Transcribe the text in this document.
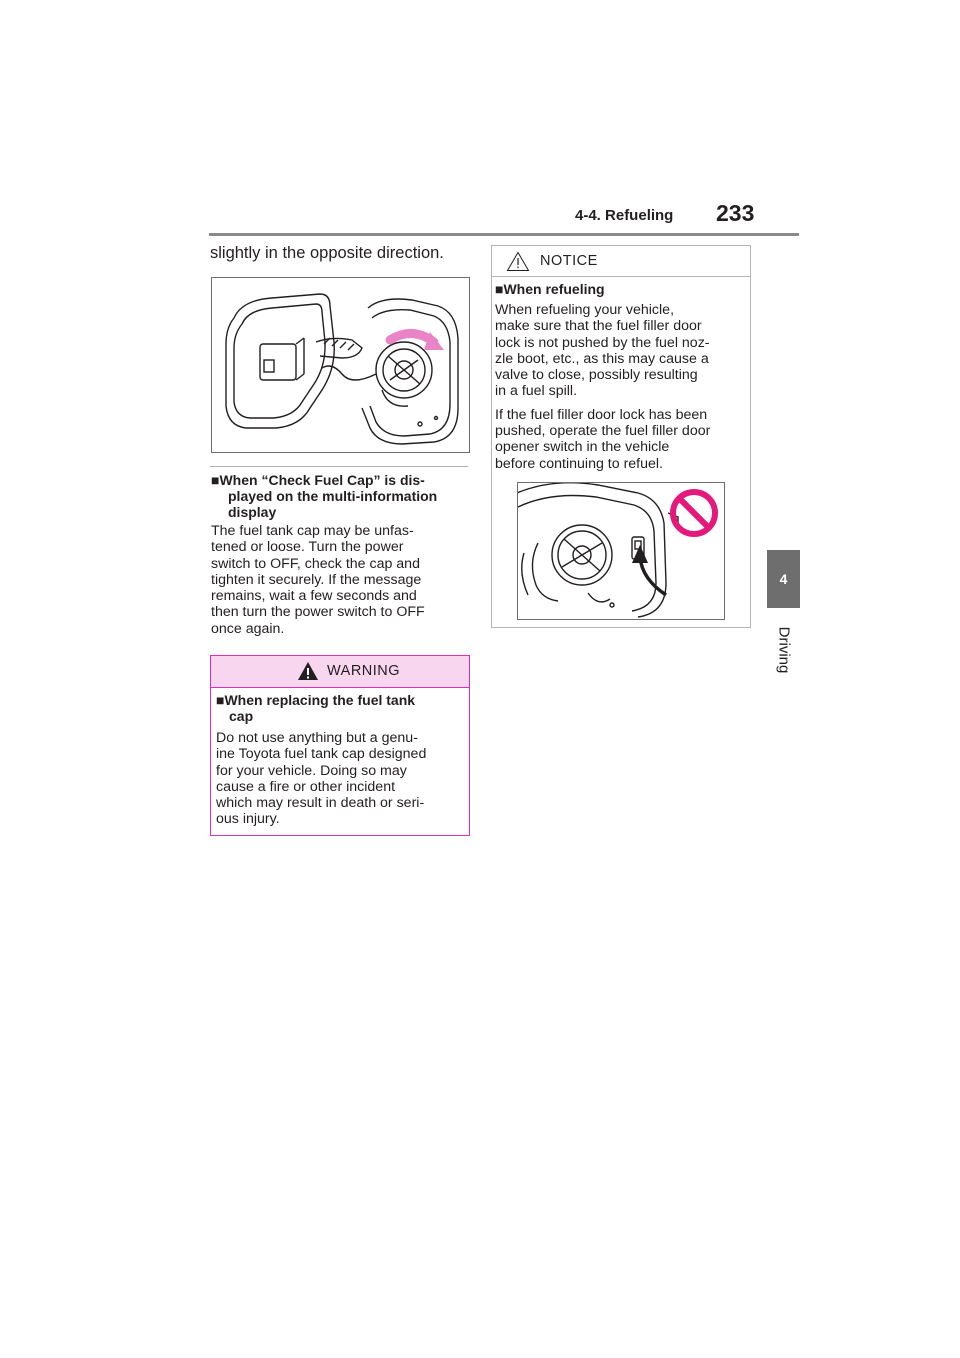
4-4. Refueling 233
4
Driving
slightly in the opposite direction.
■When “Check Fuel Cap” is dis-
played on the multi-information
display
The fuel tank cap may be unfas-
tened or loose. Turn the power
switch to OFF, check the cap and
tighten it securely. If the message
remains, wait a few seconds and
then turn the power switch to OFF
once again.
WARNING
■When replacing the fuel tank
cap
Do not use anything but a genu-
ine Toyota fuel tank cap designed
for your vehicle. Doing so may
cause a fire or other incident
which may result in death or seri-
ous injury.
NOTICE
■When refueling

When refueling your vehicle,
make sure that the fuel filler door
lock is not pushed by the fuel noz-
zle boot, etc., as this may cause a
valve to close, possibly resulting
in a fuel spill.

If the fuel filler door lock has been
pushed, operate the fuel filler door
opener switch in the vehicle
before continuing to refuel.
